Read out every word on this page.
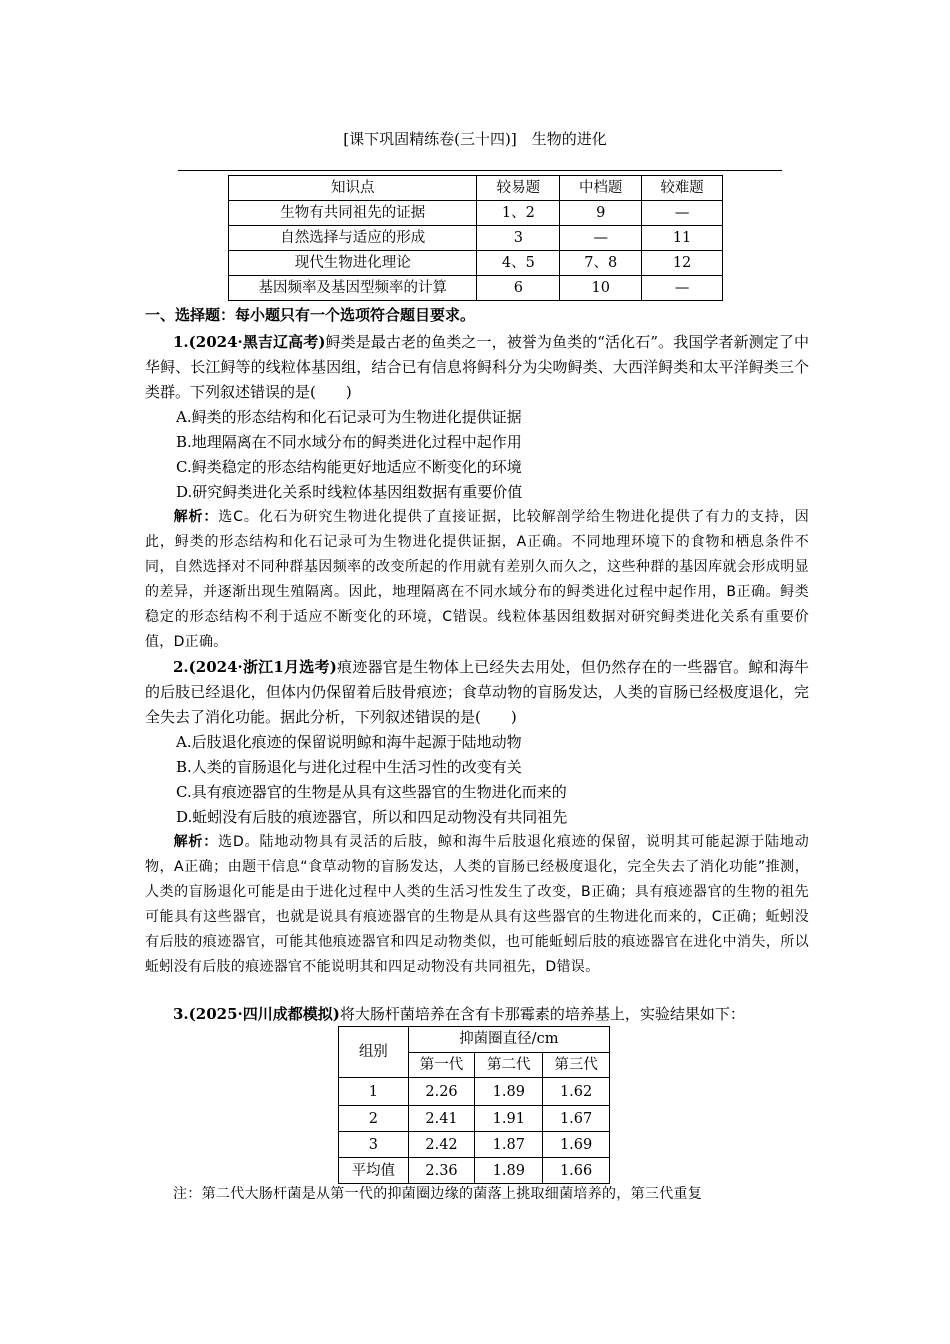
[课下巩固精练卷(三十四)]　生物的进化
知识点	较易题	中档题	较难题
生物有共同祖先的证据	1、2	9	—
自然选择与适应的形成	3	—	11
现代生物进化理论	4、5	7、8	12
基因频率及基因型频率的计算	6	10	—

一、选择题：每小题只有一个选项符合题目要求。

1.(2024·黑吉辽高考)鲟类是最古老的鱼类之一，被誉为鱼类的“活化石”。我国学者新测定了中华鲟、长江鲟等的线粒体基因组，结合已有信息将鲟科分为尖吻鲟类、大西洋鲟类和太平洋鲟类三个类群。下列叙述错误的是(　　)

A.鲟类的形态结构和化石记录可为生物进化提供证据

B.地理隔离在不同水域分布的鲟类进化过程中起作用

C.鲟类稳定的形态结构能更好地适应不断变化的环境

D.研究鲟类进化关系时线粒体基因组数据有重要价值

解析：选C。化石为研究生物进化提供了直接证据，比较解剖学给生物进化提供了有力的支持，因此，鲟类的形态结构和化石记录可为生物进化提供证据，A正确。不同地理环境下的食物和栖息条件不同，自然选择对不同种群基因频率的改变所起的作用就有差别久而久之，这些种群的基因库就会形成明显的差异，并逐渐出现生殖隔离。因此，地理隔离在不同水域分布的鲟类进化过程中起作用，B正确。鲟类稳定的形态结构不利于适应不断变化的环境，C错误。线粒体基因组数据对研究鲟类进化关系有重要价值，D正确。

2.(2024·浙江1月选考)痕迹器官是生物体上已经失去用处，但仍然存在的一些器官。鲸和海牛的后肢已经退化，但体内仍保留着后肢骨痕迹；食草动物的盲肠发达，人类的盲肠已经极度退化，完全失去了消化功能。据此分析，下列叙述错误的是(　　)

A.后肢退化痕迹的保留说明鲸和海牛起源于陆地动物

B.人类的盲肠退化与进化过程中生活习性的改变有关

C.具有痕迹器官的生物是从具有这些器官的生物进化而来的

D.蚯蚓没有后肢的痕迹器官，所以和四足动物没有共同祖先

解析：选D。陆地动物具有灵活的后肢，鲸和海牛后肢退化痕迹的保留，说明其可能起源于陆地动物，A正确；由题干信息“食草动物的盲肠发达，人类的盲肠已经极度退化，完全失去了消化功能”推测，人类的盲肠退化可能是由于进化过程中人类的生活习性发生了改变，B正确；具有痕迹器官的生物的祖先可能具有这些器官，也就是说具有痕迹器官的生物是从具有这些器官的生物进化而来的，C正确；蚯蚓没有后肢的痕迹器官，可能其他痕迹器官和四足动物类似，也可能蚯蚓后肢的痕迹器官在进化中消失，所以蚯蚓没有后肢的痕迹器官不能说明其和四足动物没有共同祖先，D错误。

3.(2025·四川成都模拟)将大肠杆菌培养在含有卡那霉素的培养基上，实验结果如下：

组别	抑菌圈直径/cm		
	第一代	第二代	第三代
1	2.26	1.89	1.62
2	2.41	1.91	1.67
3	2.42	1.87	1.69
平均值	2.36	1.89	1.66

注：第二代大肠杆菌是从第一代的抑菌圈边缘的菌落上挑取细菌培养的，第三代重复
